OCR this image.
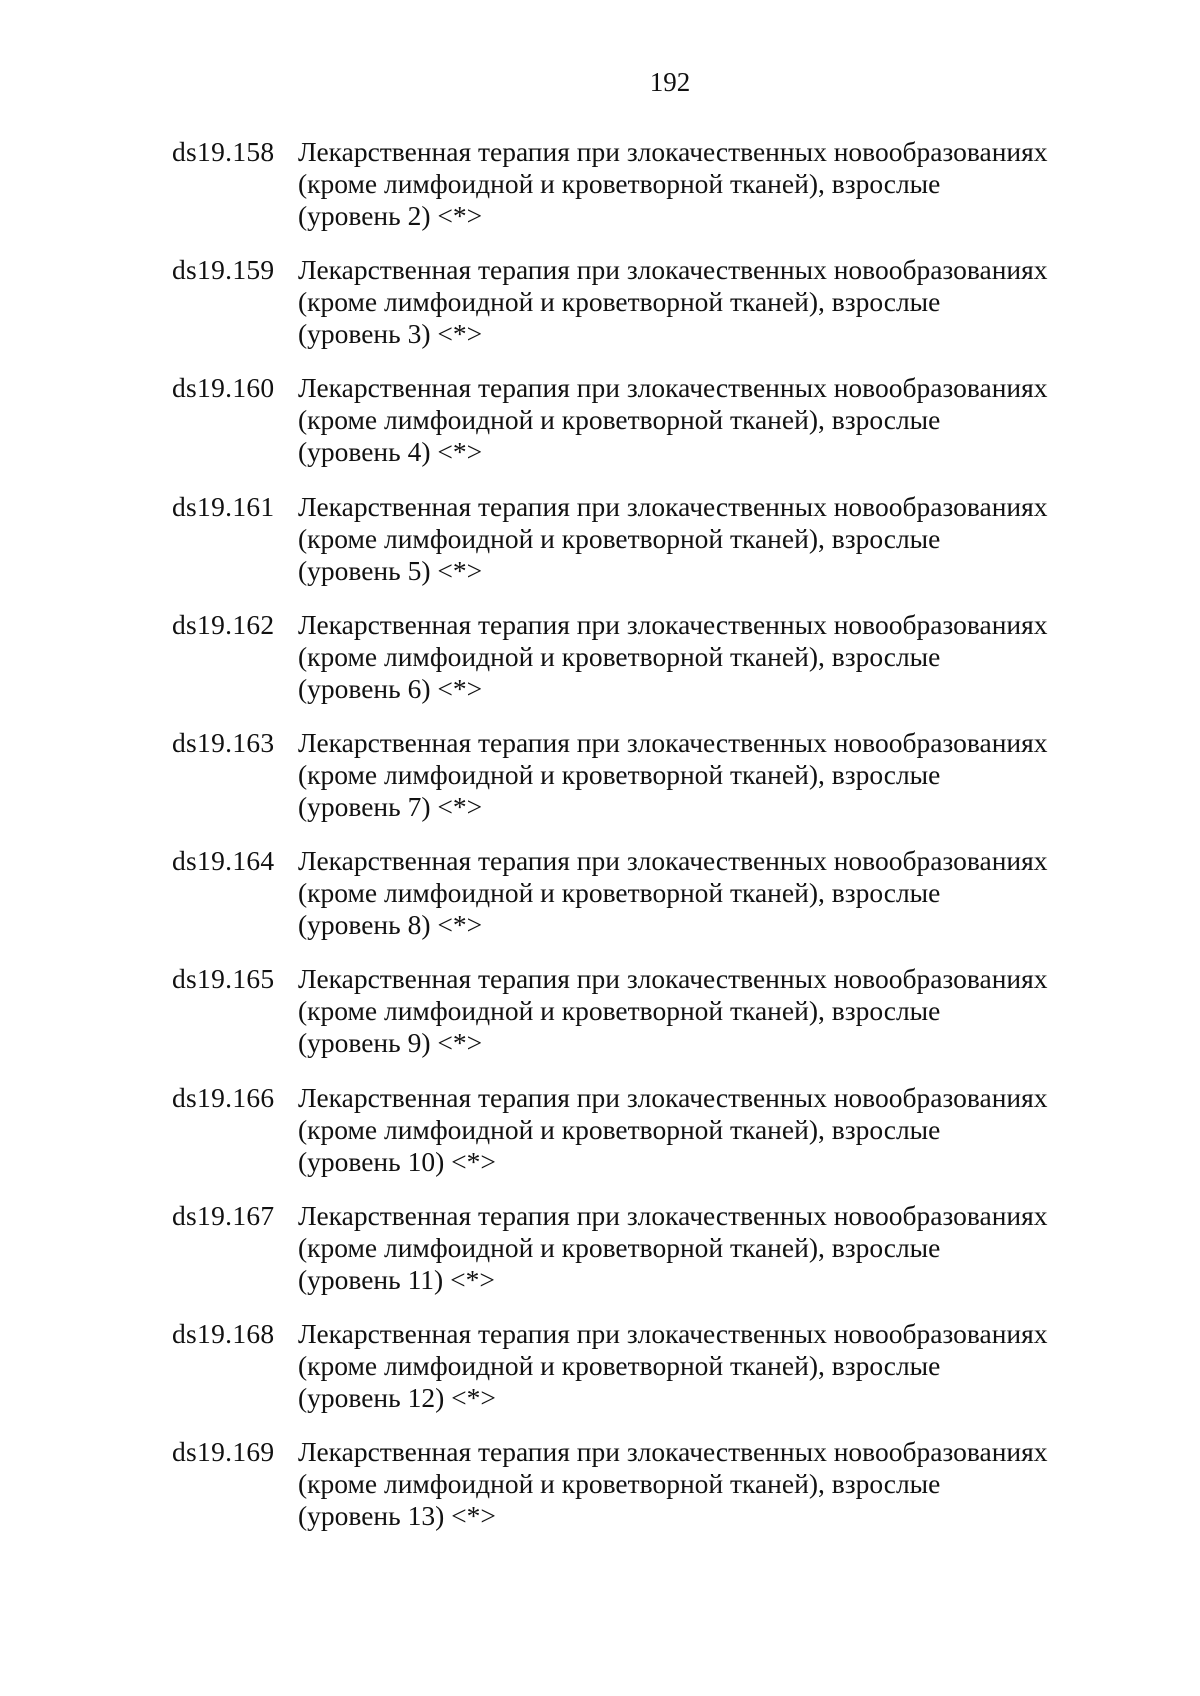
192
ds19.158 Лекарственная терапия при злокачественных новообразованиях
(кроме лимфоидной и кроветворной тканей), взрослые
(уровень 2) <*>
ds19.159 Лекарственная терапия при злокачественных новообразованиях
(кроме лимфоидной и кроветворной тканей), взрослые
(уровень 3) <*>
ds19.160 Лекарственная терапия при злокачественных новообразованиях
(кроме лимфоидной и кроветворной тканей), взрослые
(уровень 4) <*>
ds19.161 Лекарственная терапия при злокачественных новообразованиях
(кроме лимфоидной и кроветворной тканей), взрослые
(уровень 5) <*>
ds19.162 Лекарственная терапия при злокачественных новообразованиях
(кроме лимфоидной и кроветворной тканей), взрослые
(уровень 6) <*>
ds19.163 Лекарственная терапия при злокачественных новообразованиях
(кроме лимфоидной и кроветворной тканей), взрослые
(уровень 7) <*>
ds19.164 Лекарственная терапия при злокачественных новообразованиях
(кроме лимфоидной и кроветворной тканей), взрослые
(уровень 8) <*>
ds19.165 Лекарственная терапия при злокачественных новообразованиях
(кроме лимфоидной и кроветворной тканей), взрослые
(уровень 9) <*>
ds19.166 Лекарственная терапия при злокачественных новообразованиях
(кроме лимфоидной и кроветворной тканей), взрослые
(уровень 10) <*>
ds19.167 Лекарственная терапия при злокачественных новообразованиях
(кроме лимфоидной и кроветворной тканей), взрослые
(уровень 11) <*>
ds19.168 Лекарственная терапия при злокачественных новообразованиях
(кроме лимфоидной и кроветворной тканей), взрослые
(уровень 12) <*>
ds19.169 Лекарственная терапия при злокачественных новообразованиях
(кроме лимфоидной и кроветворной тканей), взрослые
(уровень 13) <*>
